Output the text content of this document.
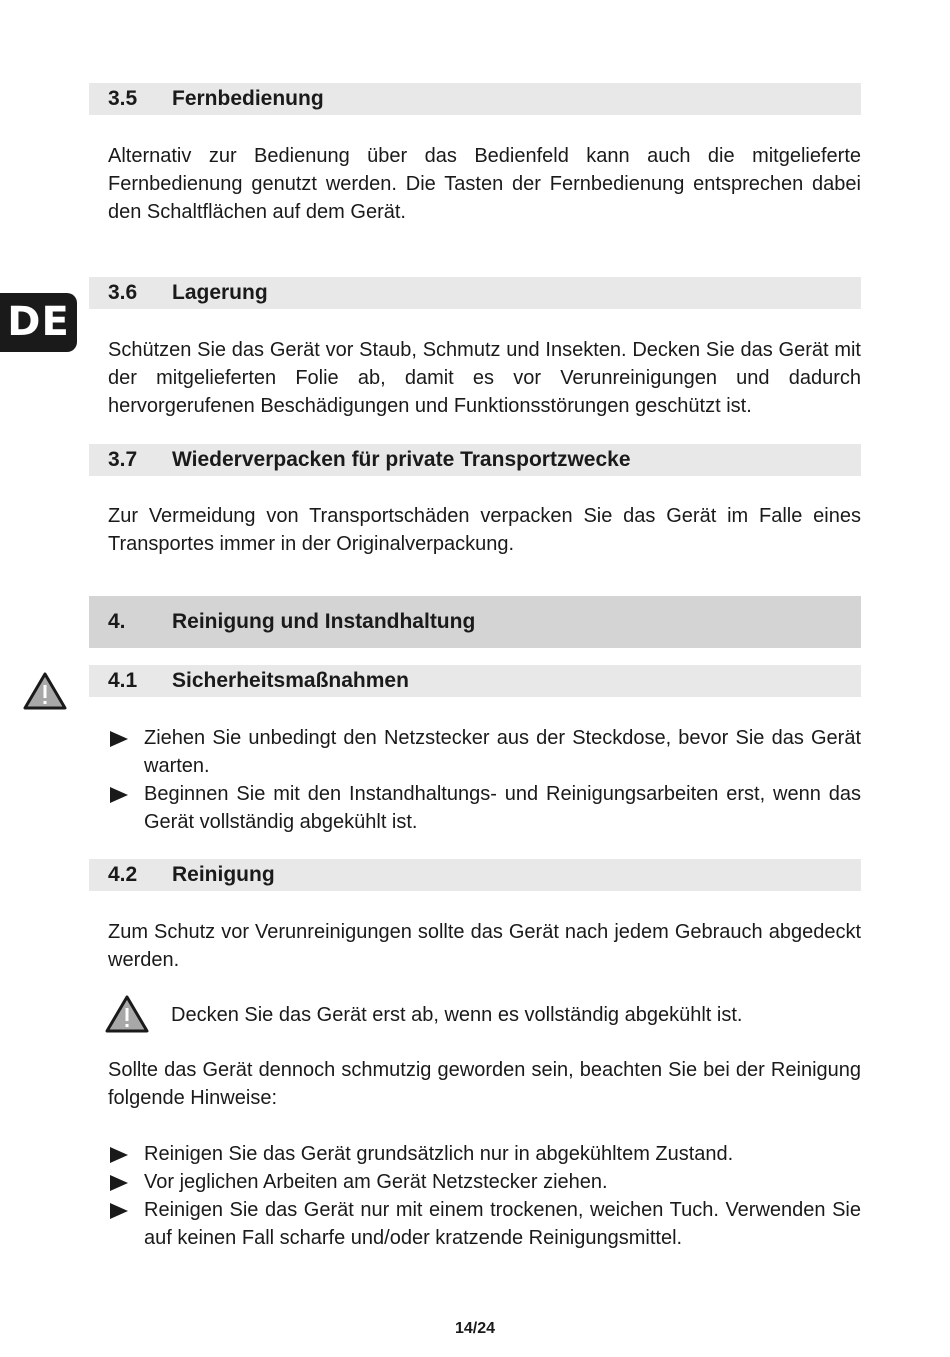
DE
3.5 Fernbedienung
Alternativ zur Bedienung über das Bedienfeld kann auch die mitgelieferte Fernbedienung genutzt werden. Die Tasten der Fernbedienung entsprechen dabei den Schaltflächen auf dem Gerät.
3.6 Lagerung
Schützen Sie das Gerät vor Staub, Schmutz und Insekten. Decken Sie das Gerät mit der mitgelieferten Folie ab, damit es vor Verunreinigungen und dadurch hervorgerufenen Beschädigungen und Funktionsstörungen geschützt ist.
3.7 Wiederverpacken für private Transportzwecke
Zur Vermeidung von Transportschäden verpacken Sie das Gerät im Falle eines Transportes immer in der Originalverpackung.
4. Reinigung und Instandhaltung
4.1 Sicherheitsmaßnahmen
Ziehen Sie unbedingt den Netzstecker aus der Steckdose, bevor Sie das Gerät warten.
Beginnen Sie mit den Instandhaltungs- und Reinigungsarbeiten erst, wenn das Gerät vollständig abgekühlt ist.
4.2 Reinigung
Zum Schutz vor Verunreinigungen sollte das Gerät nach jedem Gebrauch abgedeckt werden.
Decken Sie das Gerät erst ab, wenn es vollständig abgekühlt ist.
Sollte das Gerät dennoch schmutzig geworden sein, beachten Sie bei der Reinigung folgende Hinweise:
Reinigen Sie das Gerät grundsätzlich nur in abgekühltem Zustand.
Vor jeglichen Arbeiten am Gerät Netzstecker ziehen.
Reinigen Sie das Gerät nur mit einem trockenen, weichen Tuch. Verwenden Sie auf keinen Fall scharfe und/oder kratzende Reinigungsmittel.
14/24
